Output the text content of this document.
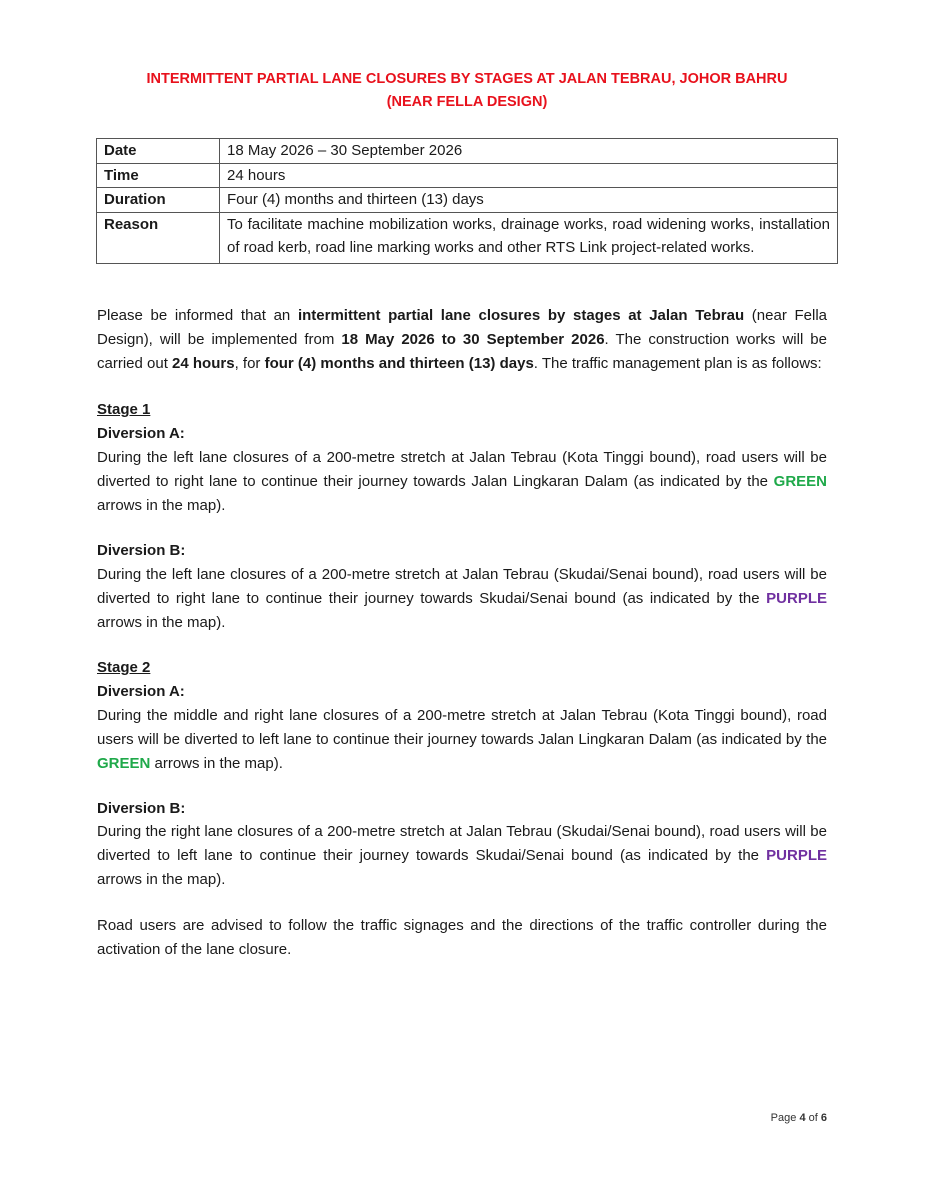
INTERMITTENT PARTIAL LANE CLOSURES BY STAGES AT JALAN TEBRAU, JOHOR BAHRU
(NEAR FELLA DESIGN)
Date	18 May 2026 – 30 September 2026
Time	24 hours
Duration	Four (4) months and thirteen (13) days
Reason	To facilitate machine mobilization works, drainage works, road widening works, installation of road kerb, road line marking works and other RTS Link project-related works.
Please be informed that an intermittent partial lane closures by stages at Jalan Tebrau (near Fella Design), will be implemented from 18 May 2026 to 30 September 2026. The construction works will be carried out 24 hours, for four (4) months and thirteen (13) days. The traffic management plan is as follows:
Stage 1
Diversion A:
During the left lane closures of a 200-metre stretch at Jalan Tebrau (Kota Tinggi bound), road users will be diverted to right lane to continue their journey towards Jalan Lingkaran Dalam (as indicated by the GREEN arrows in the map).
Diversion B:
During the left lane closures of a 200-metre stretch at Jalan Tebrau (Skudai/Senai bound), road users will be diverted to right lane to continue their journey towards Skudai/Senai bound (as indicated by the PURPLE arrows in the map).
Stage 2
Diversion A:
During the middle and right lane closures of a 200-metre stretch at Jalan Tebrau (Kota Tinggi bound), road users will be diverted to left lane to continue their journey towards Jalan Lingkaran Dalam (as indicated by the GREEN arrows in the map).
Diversion B:
During the right lane closures of a 200-metre stretch at Jalan Tebrau (Skudai/Senai bound), road users will be diverted to left lane to continue their journey towards Skudai/Senai bound (as indicated by the PURPLE arrows in the map).
Road users are advised to follow the traffic signages and the directions of the traffic controller during the activation of the lane closure.
Page 4 of 6
